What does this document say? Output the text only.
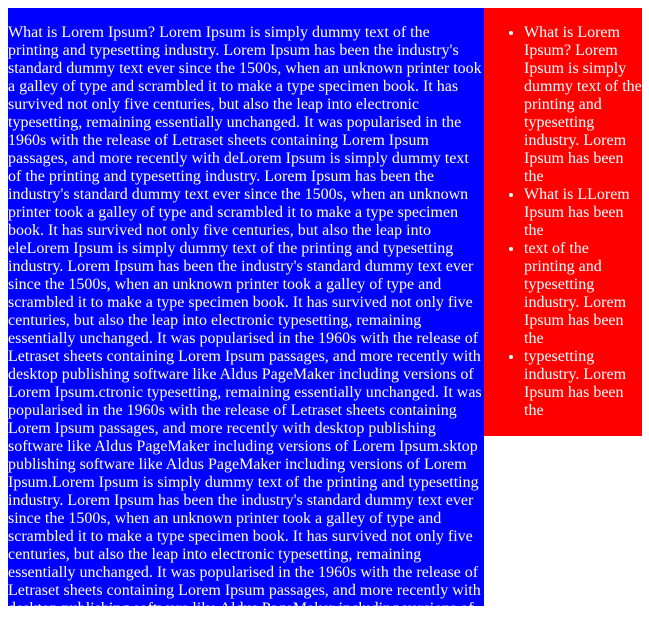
What is Lorem Ipsum? Lorem Ipsum is simply dummy text of the printing and typesetting industry. Lorem Ipsum has been the industry's standard dummy text ever since the 1500s, when an unknown printer took a galley of type and scrambled it to make a type specimen book. It has survived not only five centuries, but also the leap into electronic typesetting, remaining essentially unchanged. It was popularised in the 1960s with the release of Letraset sheets containing Lorem Ipsum passages, and more recently with deLorem Ipsum is simply dummy text of the printing and typesetting industry. Lorem Ipsum has been the industry's standard dummy text ever since the 1500s, when an unknown printer took a galley of type and scrambled it to make a type specimen book. It has survived not only five centuries, but also the leap into eleLorem Ipsum is simply dummy text of the printing and typesetting industry. Lorem Ipsum has been the industry's standard dummy text ever since the 1500s, when an unknown printer took a galley of type and scrambled it to make a type specimen book. It has survived not only five centuries, but also the leap into electronic typesetting, remaining essentially unchanged. It was popularised in the 1960s with the release of Letraset sheets containing Lorem Ipsum passages, and more recently with desktop publishing software like Aldus PageMaker including versions of Lorem Ipsum.ctronic typesetting, remaining essentially unchanged. It was popularised in the 1960s with the release of Letraset sheets containing Lorem Ipsum passages, and more recently with desktop publishing software like Aldus PageMaker including versions of Lorem Ipsum.sktop publishing software like Aldus PageMaker including versions of Lorem Ipsum.Lorem Ipsum is simply dummy text of the printing and typesetting industry. Lorem Ipsum has been the industry's standard dummy text ever since the 1500s, when an unknown printer took a galley of type and scrambled it to make a type specimen book. It has survived not only five centuries, but also the leap into electronic typesetting, remaining essentially unchanged. It was popularised in the 1960s with the release of Letraset sheets containing Lorem Ipsum passages, and more recently with desktop publishing software like Aldus PageMaker including versions of

• What is Lorem Ipsum? Lorem Ipsum is simply dummy text of the printing and typesetting industry. Lorem Ipsum has been the
• What is LLorem Ipsum has been the
• text of the printing and typesetting industry. Lorem Ipsum has been the
• typesetting industry. Lorem Ipsum has been the
